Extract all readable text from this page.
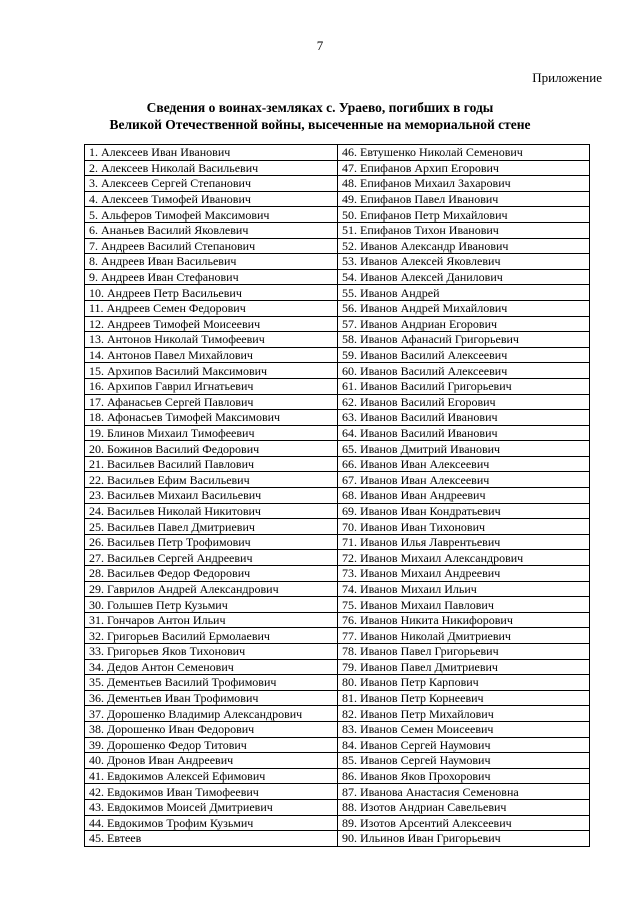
7
Приложение
Сведения о воинах-земляках с. Ураево, погибших в годы
Великой Отечественной войны, высеченные на мемориальной стене
1. Алексеев Иван Иванович	46. Евтушенко Николай Семенович
2. Алексеев Николай Васильевич	47. Епифанов Архип Егорович
3. Алексеев Сергей Степанович	48. Епифанов Михаил Захарович
4. Алексеев Тимофей Иванович	49. Епифанов Павел Иванович
5. Альферов Тимофей Максимович	50. Епифанов Петр Михайлович
6. Ананьев Василий Яковлевич	51. Епифанов Тихон Иванович
7. Андреев Василий Степанович	52. Иванов Александр Иванович
8. Андреев Иван Васильевич	53. Иванов Алексей Яковлевич
9. Андреев Иван Стефанович	54. Иванов Алексей Данилович
10. Андреев Петр Васильевич	55. Иванов Андрей
11. Андреев Семен Федорович	56. Иванов Андрей Михайлович
12. Андреев Тимофей Моисеевич	57. Иванов Андриан Егорович
13. Антонов Николай Тимофеевич	58. Иванов Афанасий Григорьевич
14. Антонов Павел Михайлович	59. Иванов Василий Алексеевич
15. Архипов Василий Максимович	60. Иванов Василий Алексеевич
16. Архипов Гаврил Игнатьевич	61. Иванов Василий Григорьевич
17. Афанасьев Сергей Павлович	62. Иванов Василий Егорович
18. Афонасьев Тимофей Максимович	63. Иванов Василий Иванович
19. Блинов Михаил Тимофеевич	64. Иванов Василий Иванович
20. Божинов Василий Федорович	65. Иванов Дмитрий Иванович
21. Васильев Василий Павлович	66. Иванов Иван Алексеевич
22. Васильев Ефим Васильевич	67. Иванов Иван Алексеевич
23. Васильев Михаил Васильевич	68. Иванов Иван Андреевич
24. Васильев Николай Никитович	69. Иванов Иван Кондратьевич
25. Васильев Павел Дмитриевич	70. Иванов Иван Тихонович
26. Васильев Петр Трофимович	71. Иванов Илья Лаврентьевич
27. Васильев Сергей Андреевич	72. Иванов Михаил Александрович
28. Васильев Федор Федорович	73. Иванов Михаил Андреевич
29. Гаврилов Андрей Александрович	74. Иванов Михаил Ильич
30. Голышев Петр Кузьмич	75. Иванов Михаил Павлович
31. Гончаров Антон Ильич	76. Иванов Никита Никифорович
32. Григорьев Василий Ермолаевич	77. Иванов Николай Дмитриевич
33. Григорьев Яков Тихонович	78. Иванов Павел Григорьевич
34. Дедов Антон Семенович	79. Иванов Павел Дмитриевич
35. Дементьев Василий Трофимович	80. Иванов Петр Карпович
36. Дементьев Иван Трофимович	81. Иванов Петр Корнеевич
37. Дорошенко Владимир Александрович	82. Иванов Петр Михайлович
38. Дорошенко Иван Федорович	83. Иванов Семен Моисеевич
39. Дорошенко Федор Титович	84. Иванов Сергей Наумович
40. Дронов Иван Андреевич	85. Иванов Сергей Наумович
41. Евдокимов Алексей Ефимович	86. Иванов Яков Прохорович
42. Евдокимов Иван Тимофеевич	87. Иванова Анастасия Семеновна
43. Евдокимов Моисей Дмитриевич	88. Изотов Андриан Савельевич
44. Евдокимов Трофим Кузьмич	89. Изотов Арсентий Алексеевич
45. Евтеев	90. Ильинов Иван Григорьевич
